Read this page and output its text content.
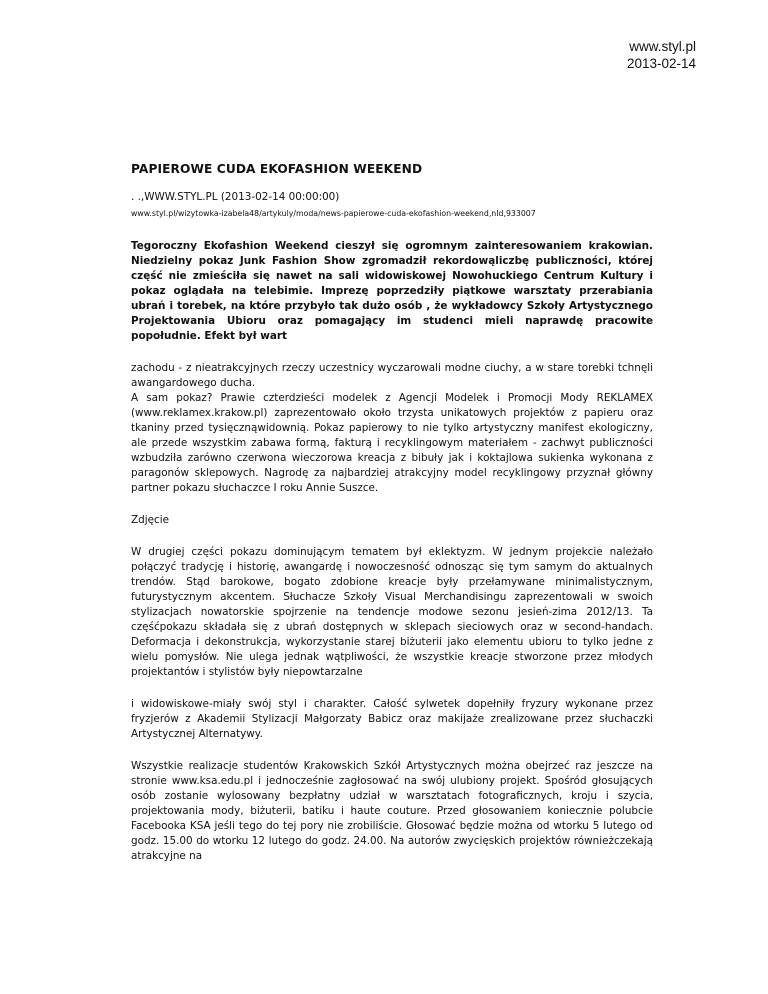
www.styl.pl
2013-02-14
PAPIEROWE CUDA EKOFASHION WEEKEND
. .,WWW.STYL.PL (2013-02-14 00:00:00)
www.styl.pl/wizytowka-izabela48/artykuly/moda/news-papierowe-cuda-ekofashion-weekend,nId,933007

Tegoroczny Ekofashion Weekend cieszył się ogromnym zainteresowaniem krakowian. Niedzielny pokaz Junk Fashion Show zgromadził rekordowąliczbę publiczności, której część nie zmieściła się nawet na sali widowiskowej Nowohuckiego Centrum Kultury i pokaz oglądała na telebimie. Imprezę poprzedziły piątkowe warsztaty przerabiania ubrań i torebek, na które przybyło tak dużo osób , że wykładowcy Szkoły Artystycznego Projektowania Ubioru oraz pomagający im studenci mieli naprawdę pracowite popołudnie. Efekt był wart

zachodu - z nieatrakcyjnych rzeczy uczestnicy wyczarowali modne ciuchy, a w stare torebki tchnęli awangardowego ducha.
A sam pokaz? Prawie czterdzieści modelek z Agencji Modelek i Promocji Mody REKLAMEX (www.reklamex.krakow.pl) zaprezentowało około trzysta unikatowych projektów z papieru oraz tkaniny przed tysięcznąwidownią. Pokaz papierowy to nie tylko artystyczny manifest ekologiczny, ale przede wszystkim zabawa formą, fakturą i recyklingowym materiałem - zachwyt publiczności wzbudziła zarówno czerwona wieczorowa kreacja z bibuły jak i koktajlowa sukienka wykonana z paragonów sklepowych. Nagrodę za najbardziej atrakcyjny model recyklingowy przyznał główny partner pokazu słuchaczce I roku Annie Suszce.

Zdjęcie

W drugiej części pokazu dominującym tematem był eklektyzm. W jednym projekcie należało połączyć tradycję i historię, awangardę i nowoczesność odnosząc się tym samym do aktualnych trendów. Stąd barokowe, bogato zdobione kreacje były przełamywane minimalistycznym, futurystycznym akcentem. Słuchacze Szkoły Visual Merchandisingu zaprezentowali w swoich stylizacjach nowatorskie spojrzenie na tendencje modowe sezonu jesień-zima 2012/13. Ta częśćpokazu składała się z ubrań dostępnych w sklepach sieciowych oraz w second-handach. Deformacja i dekonstrukcja, wykorzystanie starej biżuterii jako elementu ubioru to tylko jedne z wielu pomysłów. Nie ulega jednak wątpliwości, że wszystkie kreacje stworzone przez młodych projektantów i stylistów były niepowtarzalne

i widowiskowe-miały swój styl i charakter. Całość sylwetek dopełniły fryzury wykonane przez fryzjerów z Akademii Stylizacji Małgorzaty Babicz oraz makijaże zrealizowane przez słuchaczki Artystycznej Alternatywy.

Wszystkie realizacje studentów Krakowskich Szkół Artystycznych można obejrzeć raz jeszcze na stronie www.ksa.edu.pl i jednocześnie zagłosować na swój ulubiony projekt. Spośród głosujących osób zostanie wylosowany bezpłatny udział w warsztatach fotograficznych, kroju i szycia, projektowania mody, biżuterii, batiku i haute couture. Przed głosowaniem koniecznie polubcie Facebooka KSA jeśli tego do tej pory nie zrobiliście. Głosować będzie można od wtorku 5 lutego od godz. 15.00 do wtorku 12 lutego do godz. 24.00. Na autorów zwycięskich projektów równieżczekają atrakcyjne na
